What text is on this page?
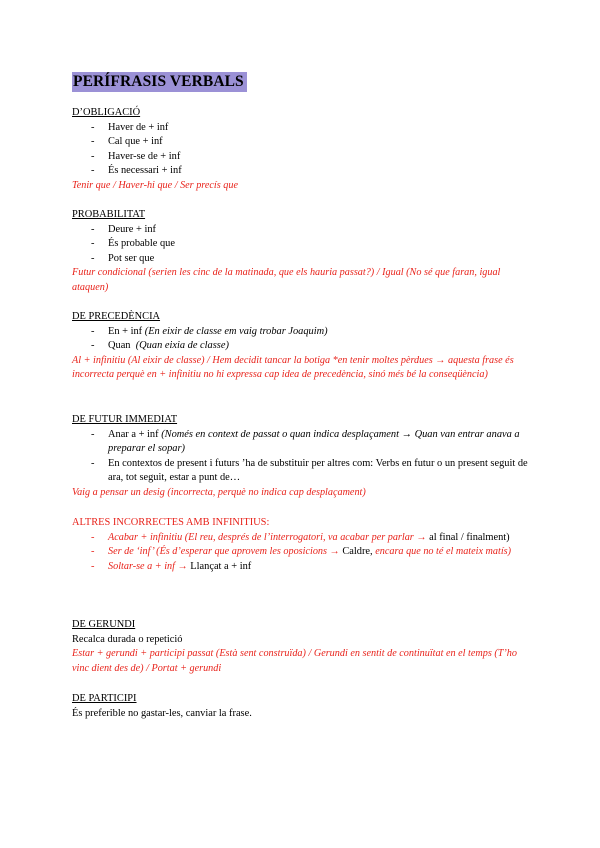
PERÍFRASIS VERBALS
D’OBLIGACIÓ
- Haver de + inf
- Cal que + inf
- Haver-se de + inf
- És necessari + inf
Tenir que / Haver-hi que / Ser precís que
PROBABILITAT
- Deure + inf
- És probable que
- Pot ser que
Futur condicional (serien les cinc de la matinada, que els hauria passat?) / Igual (No sé que faran, igual ataquen)
DE PRECEDÈNCIA
- En + inf (En eixir de classe em vaig trobar Joaquim)
- Quan (Quan eixia de classe)
Al + infinitiu (Al eixir de classe) / Hem decidit tancar la botiga *en tenir moltes pèrdues → aquesta frase és incorrecta perquè en + infinitiu no hi expressa cap idea de precedència, sinó més bé la conseqüència)
DE FUTUR IMMEDIAT
- Anar a + inf (Només en context de passat o quan indica desplaçament → Quan van entrar anava a preparar el sopar)
- En contextos de present i futurs ’ha de substituir per altres com: Verbs en futur o un present seguit de ara, tot seguit, estar a punt de…
Vaig a pensar un desig (incorrecta, perquè no indica cap desplaçament)
ALTRES INCORRECTES AMB INFINITIUS:
- Acabar + infinitiu (El reu, després de l’interrogatori, va acabar per parlar → al final / finalment)
- Ser de ‘inf’ (És d’esperar que aprovem les oposicions → Caldre, encara que no té el mateix matís)
- Soltar-se a + inf → Llançat a + inf
DE GERUNDI
Recalca durada o repetició
Estar + gerundi + participi passat (Està sent construïda) / Gerundi en sentit de continuïtat en el temps (T’ho vinc dient des de) / Portat + gerundi
DE PARTICIPI
És preferible no gastar-les, canviar la frase.
